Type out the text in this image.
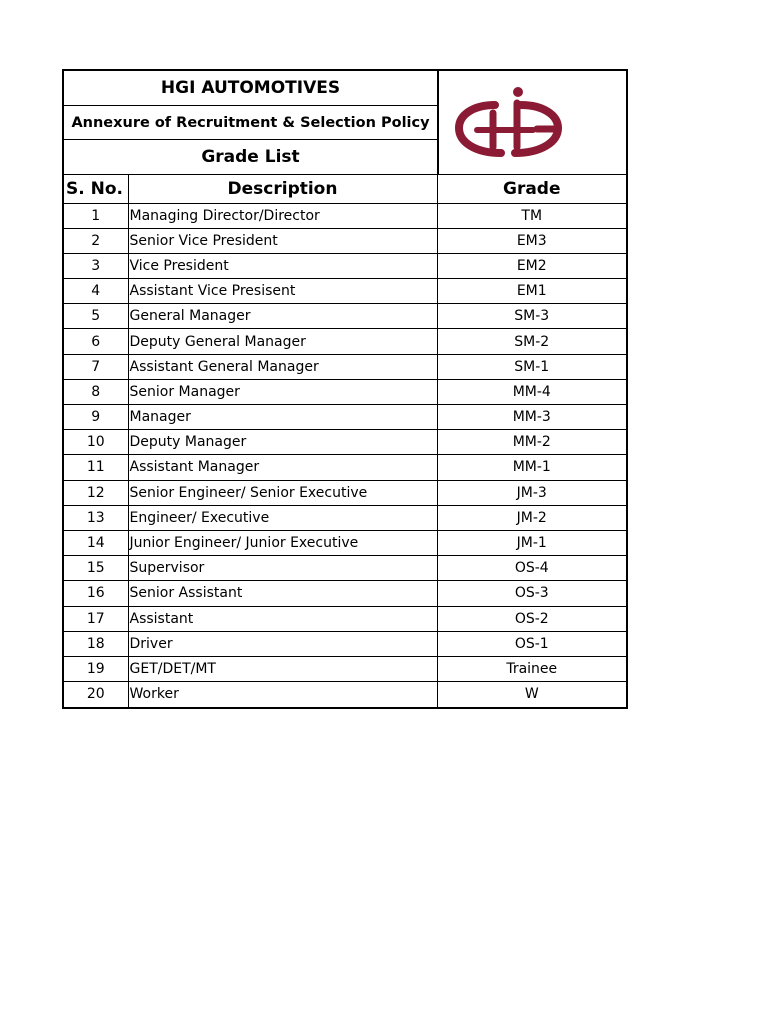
HGI AUTOMOTIVES
Annexure of Recruitment & Selection Policy
Grade List
S. No.	Description	Grade
1	Managing Director/Director	TM
2	Senior Vice President	EM3
3	Vice President	EM2
4	Assistant Vice Presisent	EM1
5	General Manager	SM-3
6	Deputy General Manager	SM-2
7	Assistant General Manager	SM-1
8	Senior Manager	MM-4
9	Manager	MM-3
10	Deputy Manager	MM-2
11	Assistant Manager	MM-1
12	Senior Engineer/ Senior Executive	JM-3
13	Engineer/ Executive	JM-2
14	Junior Engineer/ Junior Executive	JM-1
15	Supervisor	OS-4
16	Senior Assistant	OS-3
17	Assistant	OS-2
18	Driver	OS-1
19	GET/DET/MT	Trainee
20	Worker	W
